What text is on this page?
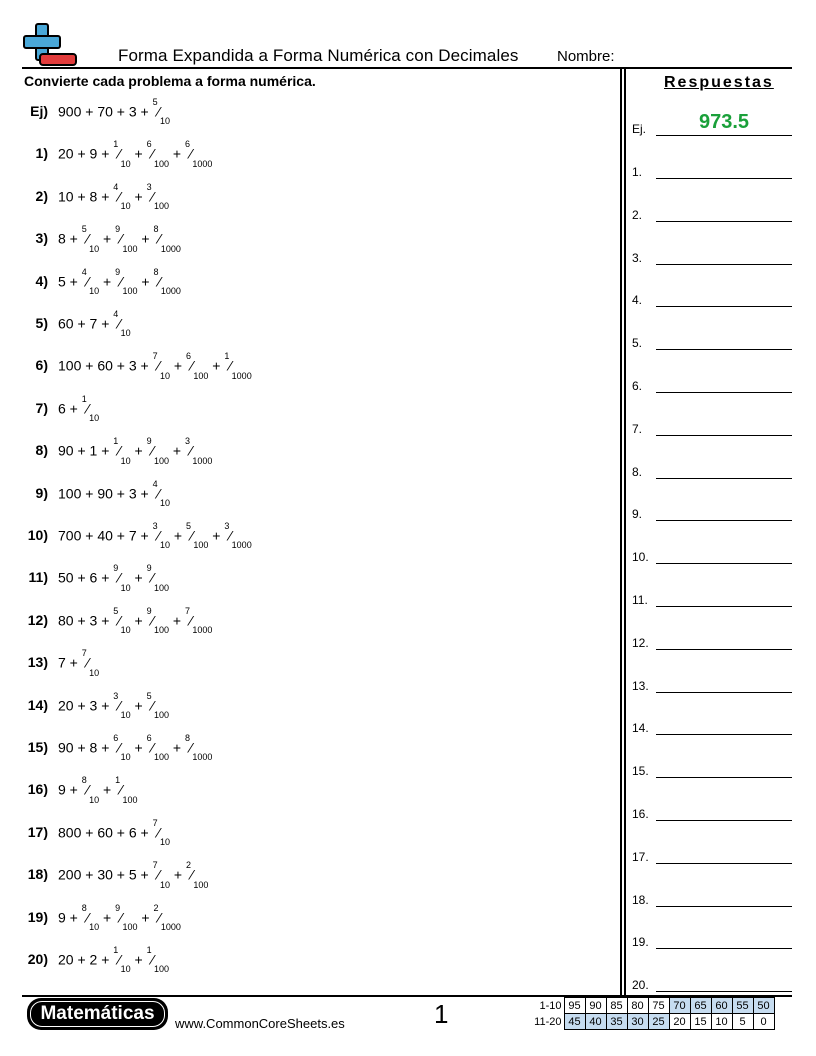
Forma Expandida a Forma Numérica con Decimales	Nombre:
Convierte cada problema a forma numérica.
Ej) $900 + 70 + 3 + ^5⁄_{10}$
1) $20 + 9 + ^1⁄_{10}$ + $^6⁄_{100}$ + $^6⁄_{1000}$
2) $10 + 8 + ^4⁄_{10}$ + $^3⁄_{100}$
3) $8 + ^5⁄_{10}$ + $^9⁄_{100}$ + $^8⁄_{1000}$
4) $5 + ^4⁄_{10}$ + $^9⁄_{100}$ + $^8⁄_{1000}$
5) $60 + 7 + ^4⁄_{10}$
6) $100 + 60 + 3 + ^7⁄_{10}$ + $^6⁄_{100}$ + $^1⁄_{1000}$
7) $6 + ^1⁄_{10}$
8) $90 + 1 + ^1⁄_{10}$ + $^9⁄_{100}$ + $^3⁄_{1000}$
9) $100 + 90 + 3 + ^4⁄_{10}$
10) $700 + 40 + 7 + ^3⁄_{10}$ + $^5⁄_{100}$ + $^3⁄_{1000}$
11) $50 + 6 + ^9⁄_{10}$ + $^9⁄_{100}$
12) $80 + 3 + ^5⁄_{10}$ + $^9⁄_{100}$ + $^7⁄_{1000}$
13) $7 + ^7⁄_{10}$
14) $20 + 3 + ^3⁄_{10}$ + $^5⁄_{100}$
15) $90 + 8 + ^6⁄_{10}$ + $^6⁄_{100}$ + $^8⁄_{1000}$
16) $9 + ^8⁄_{10}$ + $^1⁄_{100}$
17) $800 + 60 + 6 + ^7⁄_{10}$
18) $200 + 30 + 5 + ^7⁄_{10}$ + $^2⁄_{100}$
19) $9 + ^8⁄_{10}$ + $^9⁄_{100}$ + $^2⁄_{1000}$
20) $20 + 2 + ^1⁄_{10}$ + $^1⁄_{100}$
Respuestas
Ej.	973.5
1.
2.
3.
4.
5.
6.
7.
8.
9.
10.
11.
12.
13.
14.
15.
16.
17.
18.
19.
20.
Matemáticas	www.CommonCoreSheets.es	1	1-10	95	90	85	80	75	70	65	60	55	50
11-20	45	40	35	30	25	20	15	10	5	0
